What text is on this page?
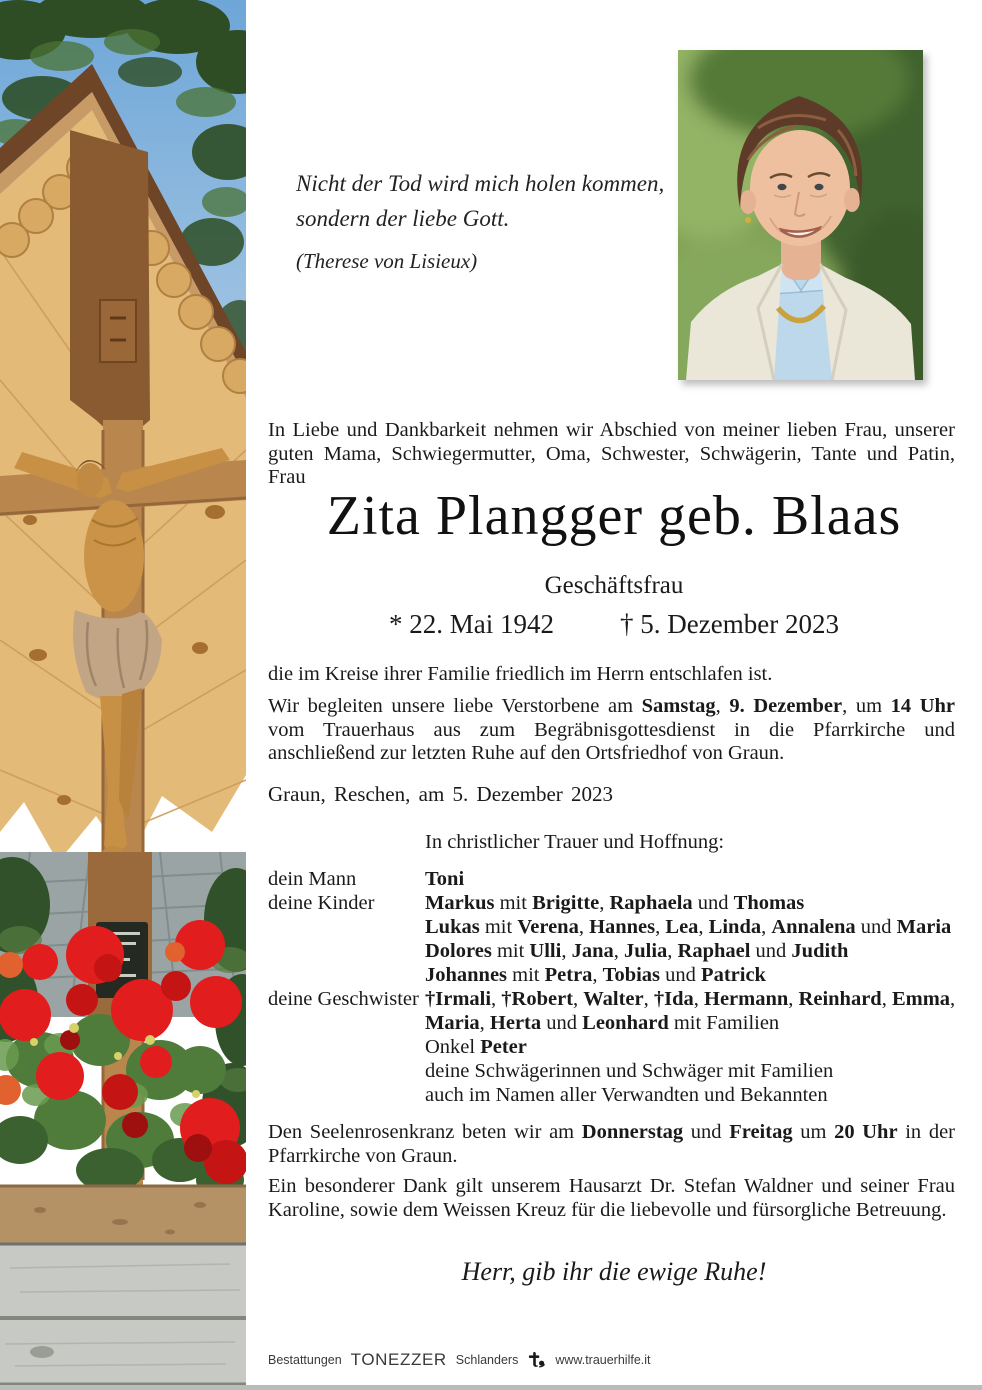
Nicht der Tod wird mich holen kommen,
sondern der liebe Gott.
(Therese von Lisieux)
In Liebe und Dankbarkeit nehmen wir Abschied von meiner lieben Frau, unserer guten Mama, Schwiegermutter, Oma, Schwester, Schwägerin, Tante und Patin, Frau
Zita Plangger geb. Blaas
Geschäftsfrau
* 22. Mai 1942 † 5. Dezember 2023
die im Kreise ihrer Familie friedlich im Herrn entschlafen ist.
Wir begleiten unsere liebe Verstorbene am Samstag, 9. Dezember, um 14 Uhr vom Trauerhaus aus zum Begräbnisgottesdienst in die Pfarrkirche und anschließend zur letzten Ruhe auf den Ortsfriedhof von Graun.
Graun, Reschen, am 5. Dezember 2023
In christlicher Trauer und Hoffnung:
dein Mann	Toni
deine Kinder	Markus mit Brigitte, Raphaela und Thomas
Lukas mit Verena, Hannes, Lea, Linda, Annalena und Maria
Dolores mit Ulli, Jana, Julia, Raphael und Judith
Johannes mit Petra, Tobias und Patrick
deine Geschwister †Irmali, †Robert, Walter, †Ida, Hermann, Reinhard, Emma,
Maria, Herta und Leonhard mit Familien
Onkel Peter
deine Schwägerinnen und Schwäger mit Familien
auch im Namen aller Verwandten und Bekannten
Den Seelenrosenkranz beten wir am Donnerstag und Freitag um 20 Uhr in der Pfarrkirche von Graun.
Ein besonderer Dank gilt unserem Hausarzt Dr. Stefan Waldner und seiner Frau Karoline, sowie dem Weissen Kreuz für die liebevolle und fürsorgliche Betreuung.
Herr, gib ihr die ewige Ruhe!
Bestattungen TONEZZER Schlanders	www.trauerhilfe.it
